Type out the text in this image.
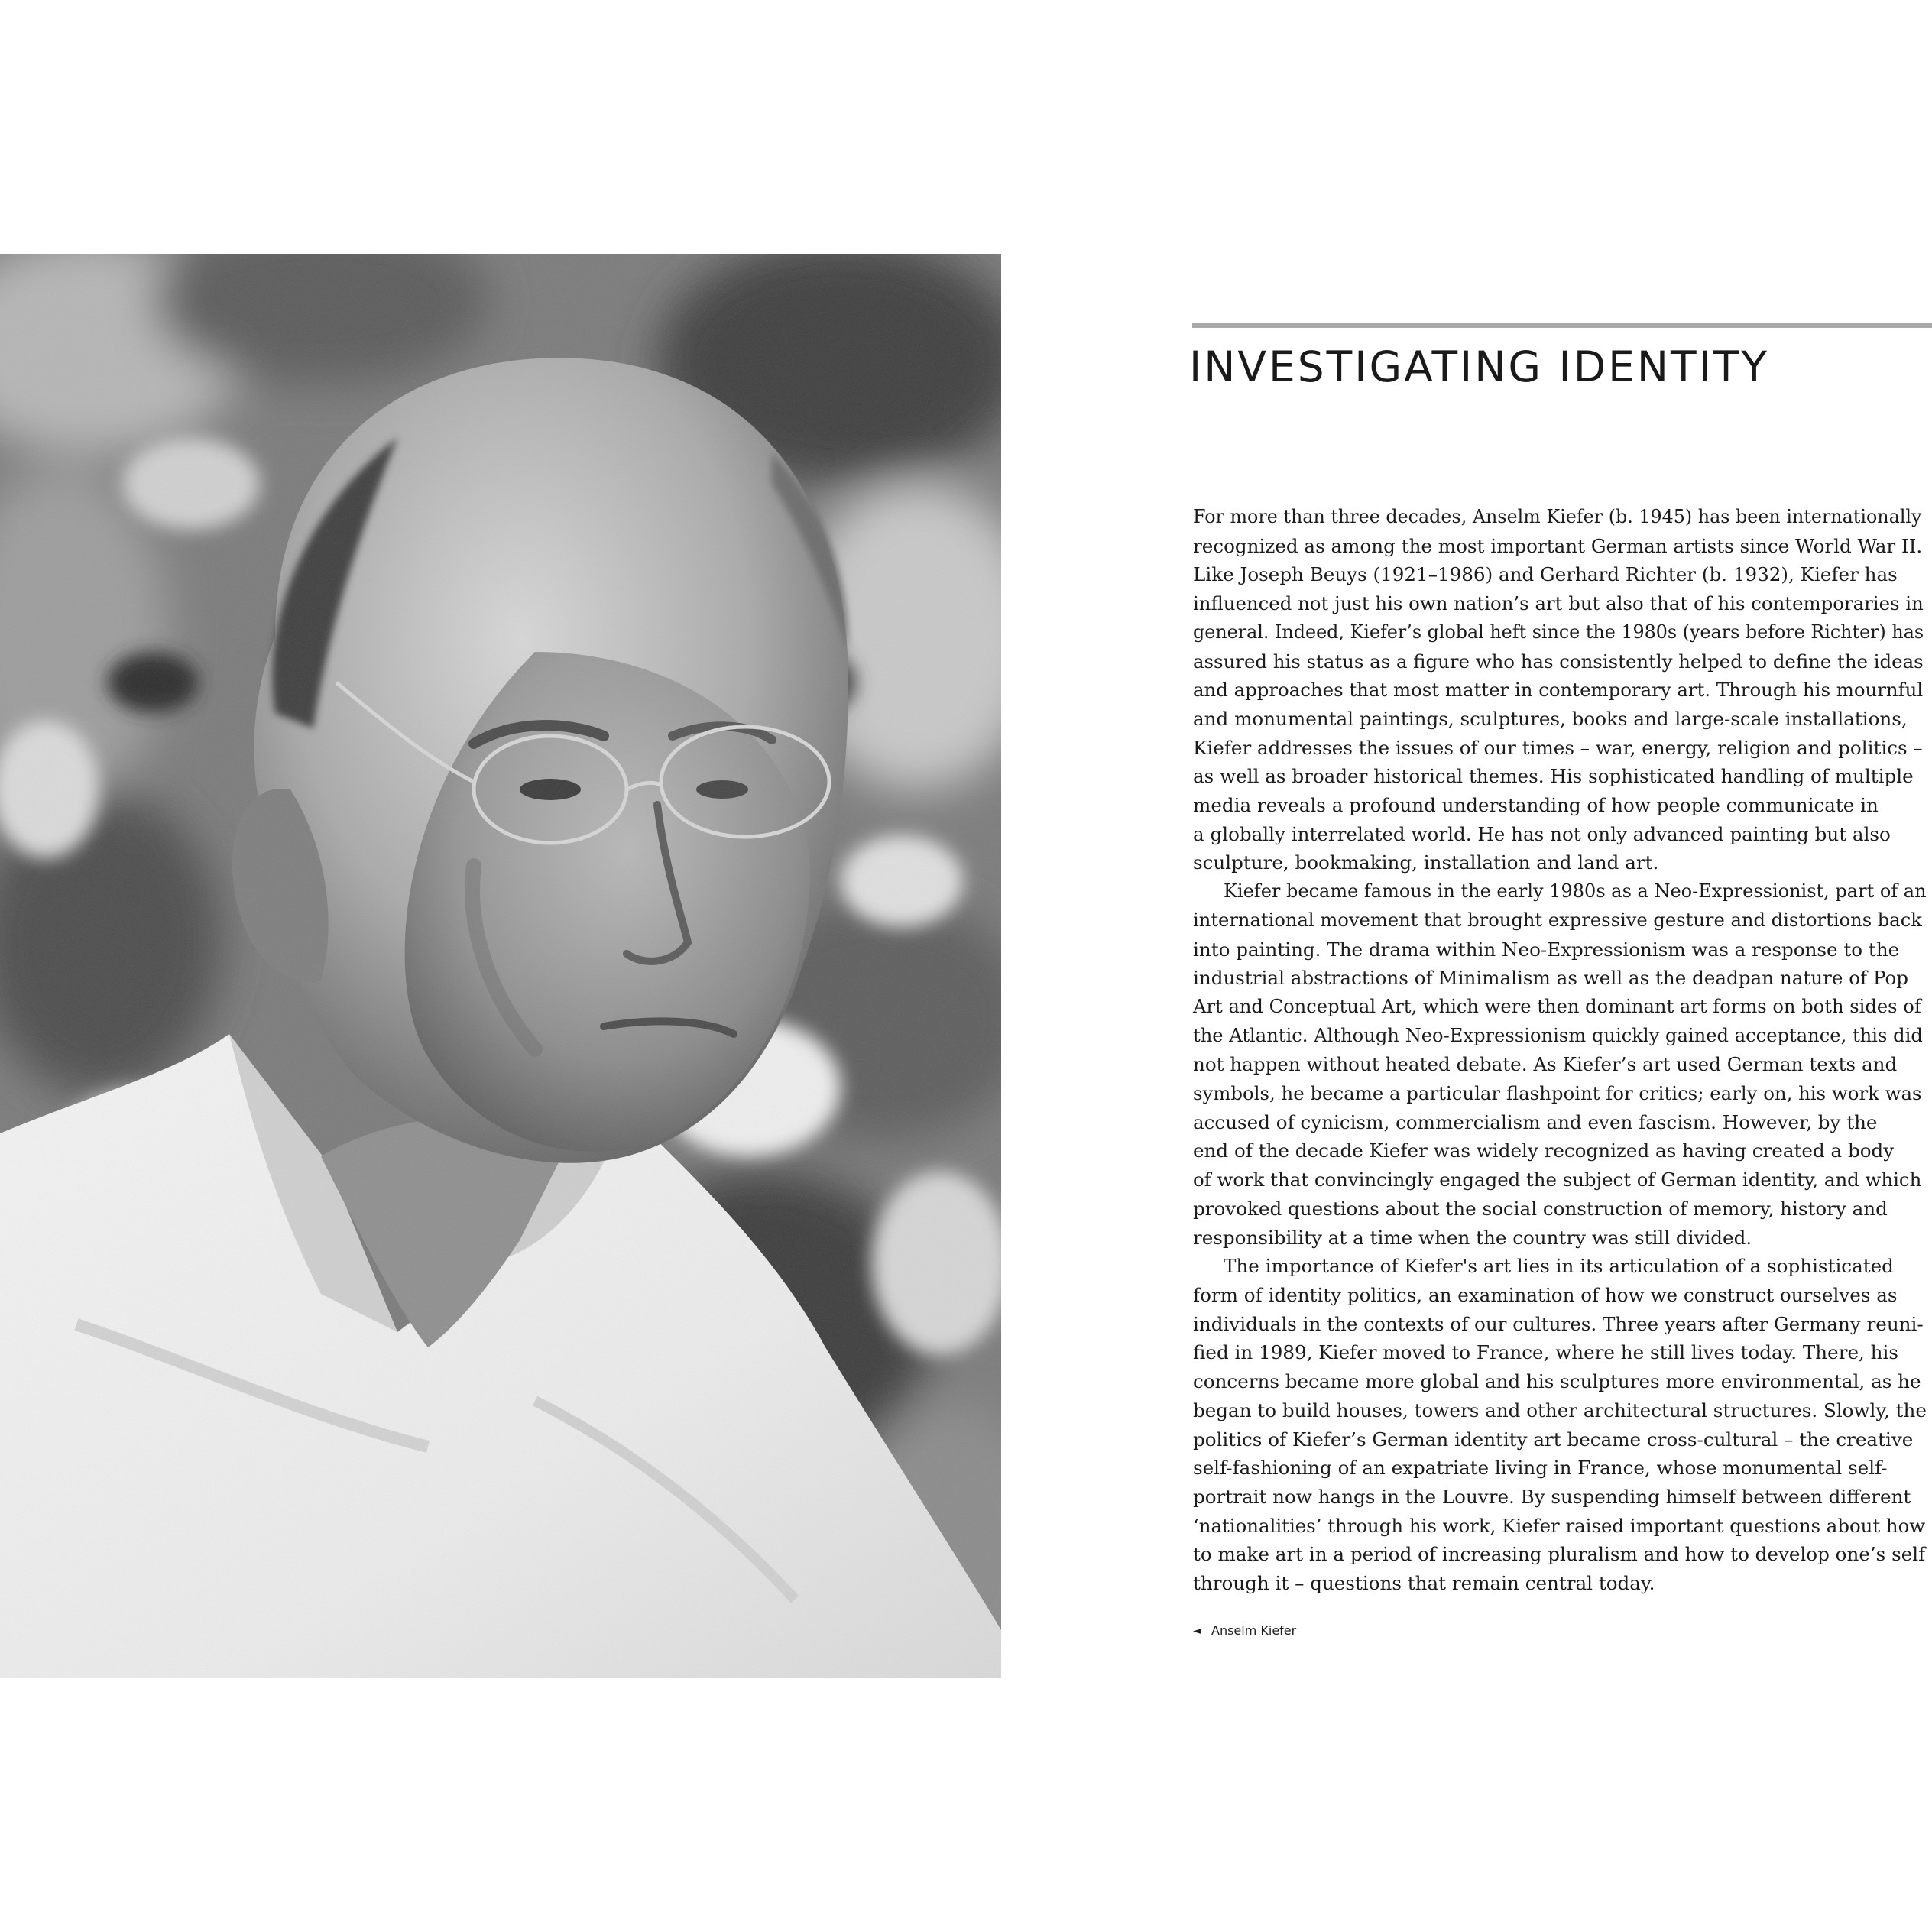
INVESTIGATING IDENTITY
For more than three decades, Anselm Kiefer (b. 1945) has been internationally
recognized as among the most important German artists since World War II.
Like Joseph Beuys (1921–1986) and Gerhard Richter (b. 1932), Kiefer has
influenced not just his own nation’s art but also that of his contemporaries in
general. Indeed, Kiefer’s global heft since the 1980s (years before Richter) has
assured his status as a figure who has consistently helped to define the ideas
and approaches that most matter in contemporary art. Through his mournful
and monumental paintings, sculptures, books and large-scale installations,
Kiefer addresses the issues of our times – war, energy, religion and politics –
as well as broader historical themes. His sophisticated handling of multiple
media reveals a profound understanding of how people communicate in
a globally interrelated world. He has not only advanced painting but also
sculpture, bookmaking, installation and land art.
Kiefer became famous in the early 1980s as a Neo-Expressionist, part of an
international movement that brought expressive gesture and distortions back
into painting. The drama within Neo-Expressionism was a response to the
industrial abstractions of Minimalism as well as the deadpan nature of Pop
Art and Conceptual Art, which were then dominant art forms on both sides of
the Atlantic. Although Neo-Expressionism quickly gained acceptance, this did
not happen without heated debate. As Kiefer’s art used German texts and
symbols, he became a particular flashpoint for critics; early on, his work was
accused of cynicism, commercialism and even fascism. However, by the
end of the decade Kiefer was widely recognized as having created a body
of work that convincingly engaged the subject of German identity, and which
provoked questions about the social construction of memory, history and
responsibility at a time when the country was still divided.
The importance of Kiefer's art lies in its articulation of a sophisticated
form of identity politics, an examination of how we construct ourselves as
individuals in the contexts of our cultures. Three years after Germany reuni-
fied in 1989, Kiefer moved to France, where he still lives today. There, his
concerns became more global and his sculptures more environmental, as he
began to build houses, towers and other architectural structures. Slowly, the
politics of Kiefer’s German identity art became cross-cultural – the creative
self-fashioning of an expatriate living in France, whose monumental self-
portrait now hangs in the Louvre. By suspending himself between different
‘nationalities’ through his work, Kiefer raised important questions about how
to make art in a period of increasing pluralism and how to develop one’s self
through it – questions that remain central today.
◄ Anselm Kiefer
